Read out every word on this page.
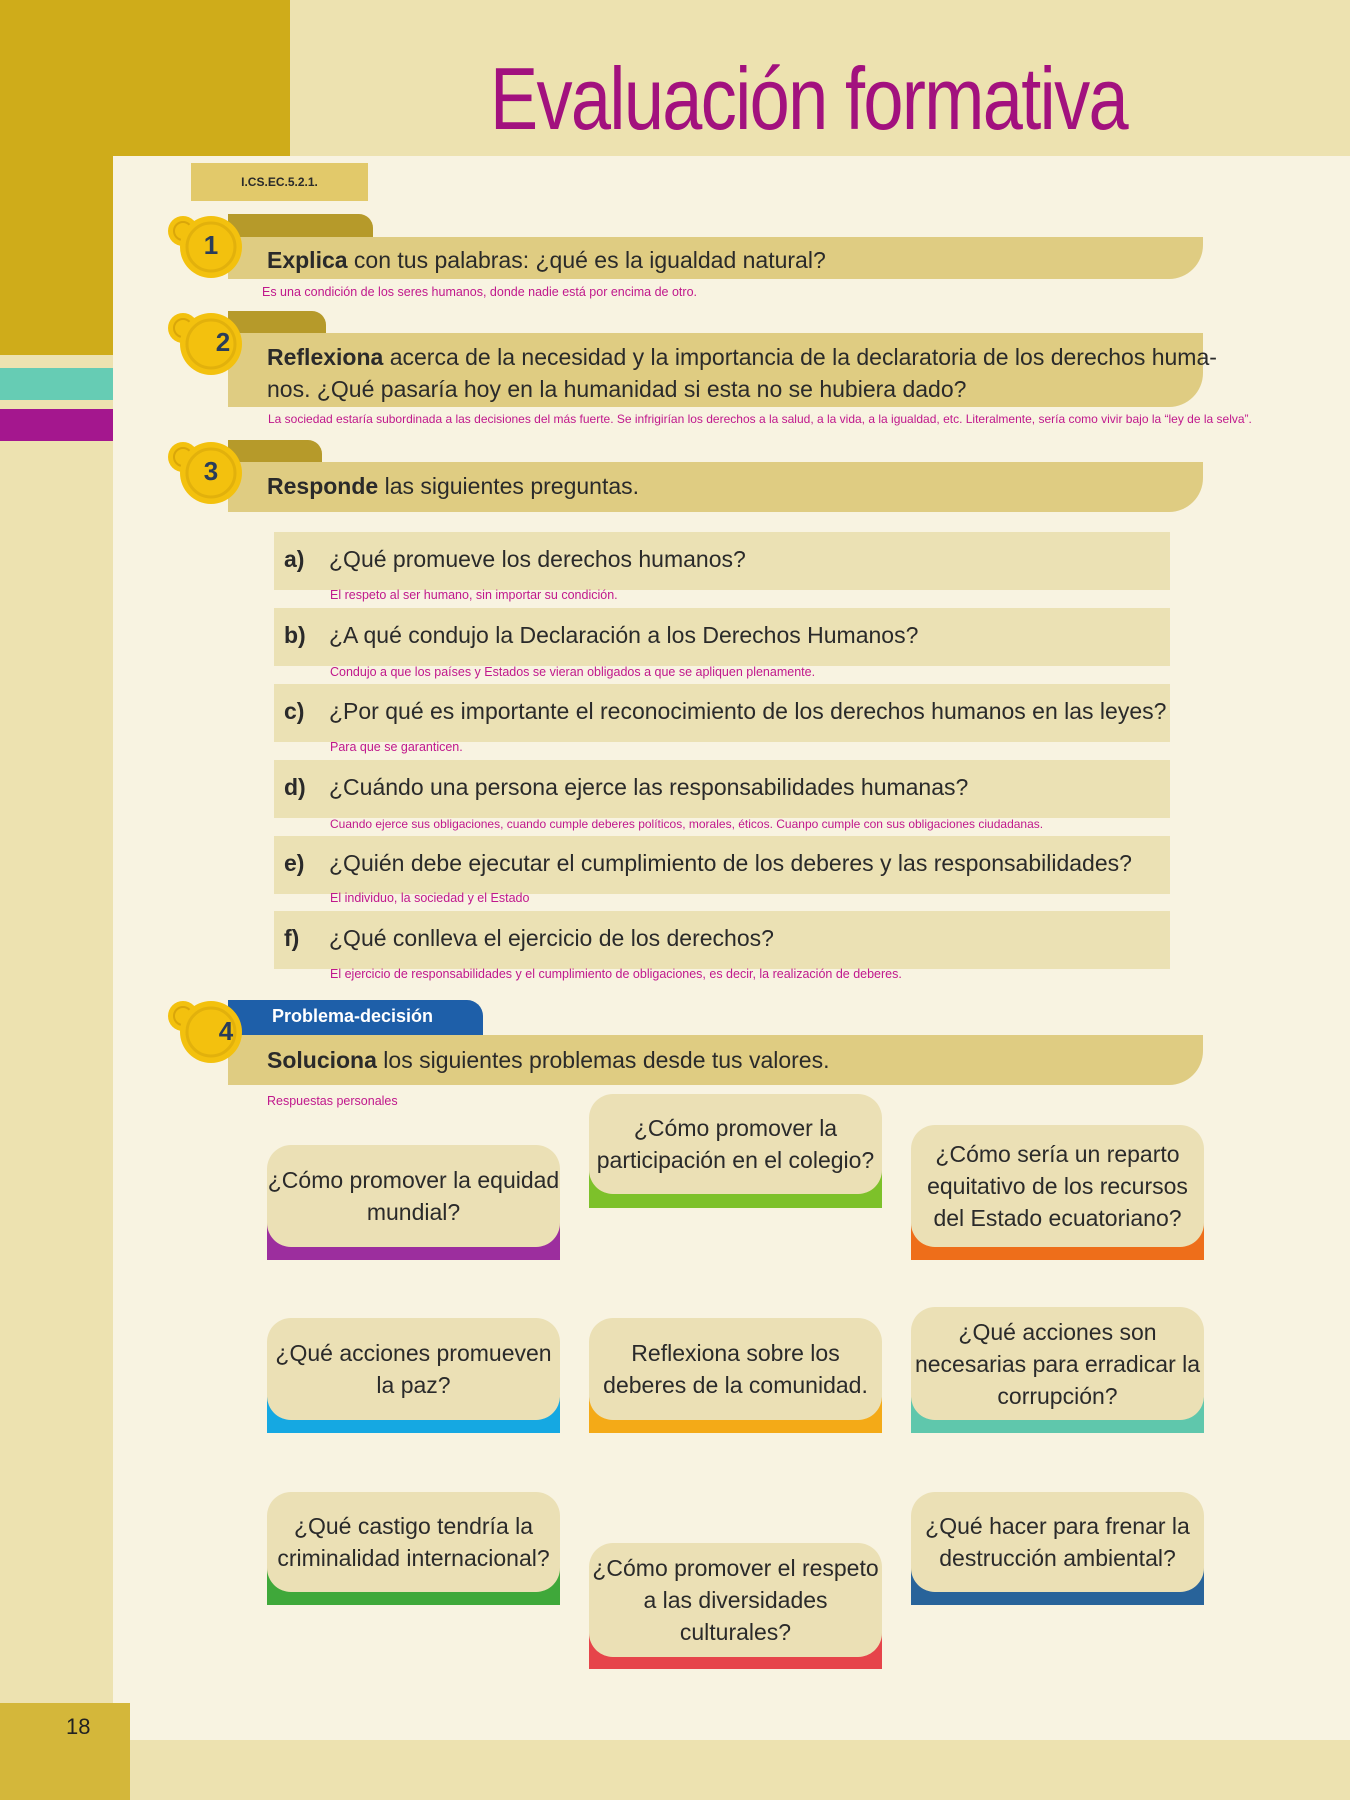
18
Evaluación formativa
I.CS.EC.5.2.1.
1 Explica con tus palabras: ¿qué es la igualdad natural?
Es una condición de los seres humanos, donde nadie está por encima de otro.
2 Reflexiona acerca de la necesidad y la importancia de la declaratoria de los derechos huma-
nos. ¿Qué pasaría hoy en la humanidad si esta no se hubiera dado?
La sociedad estaría subordinada a las decisiones del más fuerte. Se infrigirían los derechos a la salud, a la vida, a la igualdad, etc. Literalmente, sería como vivir bajo la “ley de la selva”.
3 Responde las siguientes preguntas.
a) ¿Qué promueve los derechos humanos?
El respeto al ser humano, sin importar su condición.
b) ¿A qué condujo la Declaración a los Derechos Humanos?
Condujo a que los países y Estados se vieran obligados a que se apliquen plenamente.
c) ¿Por qué es importante el reconocimiento de los derechos humanos en las leyes?
Para que se garanticen.
d) ¿Cuándo una persona ejerce las responsabilidades humanas?
Cuando ejerce sus obligaciones, cuando cumple deberes políticos, morales, éticos. Cuanpo cumple con sus obligaciones ciudadanas.
e) ¿Quién debe ejecutar el cumplimiento de los deberes y las responsabilidades?
El individuo, la sociedad y el Estado
f) ¿Qué conlleva el ejercicio de los derechos?
El ejercicio de responsabilidades y el cumplimiento de obligaciones, es decir, la realización de deberes.
Problema-decisión
4
Soluciona los siguientes problemas desde tus valores.
Respuestas personales
¿Cómo promover la equidad mundial?
¿Cómo promover la participación en el colegio?	¿Cómo sería un reparto equitativo de los recursos del Estado ecuatoriano?
¿Qué acciones promueven la paz?
Reflexiona sobre los deberes de la comunidad.
¿Qué acciones son necesarias para erradicar la corrupción?
¿Qué castigo tendría la criminalidad internacional?	¿Cómo promover el respeto a las diversidades culturales?
¿Qué hacer para frenar la destrucción ambiental?
